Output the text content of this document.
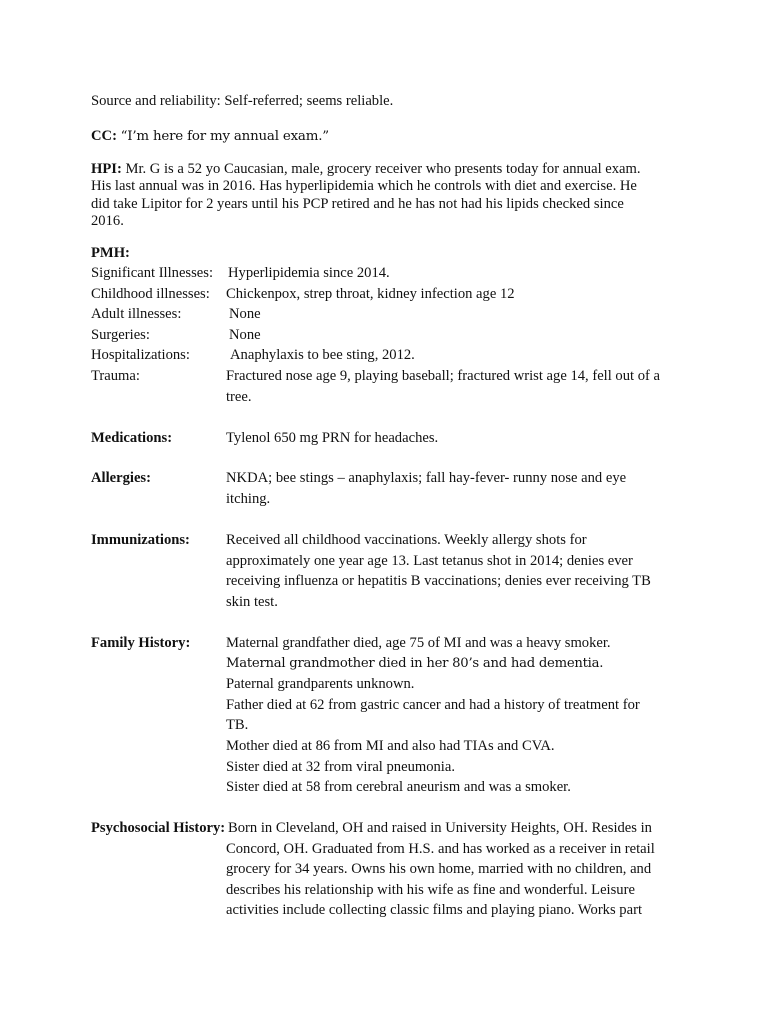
Source and reliability: Self-referred; seems reliable.
CC: “I’m here for my annual exam.”
HPI: Mr. G is a 52 yo Caucasian, male, grocery receiver who presents today for annual exam.
His last annual was in 2016. Has hyperlipidemia which he controls with diet and exercise. He
did take Lipitor for 2 years until his PCP retired and he has not had his lipids checked since
2016.
PMH:
Significant Illnesses: Hyperlipidemia since 2014.
Childhood illnesses: Chickenpox, strep throat, kidney infection age 12
Adult illnesses:	None
Surgeries:	None
Hospitalizations:	Anaphylaxis to bee sting, 2012.
Trauma:	Fractured nose age 9, playing baseball; fractured wrist age 14, fell out of a
tree.
Medications:	Tylenol 650 mg PRN for headaches.
Allergies:	NKDA; bee stings – anaphylaxis; fall hay-fever- runny nose and eye
itching.
Immunizations: Received all childhood vaccinations. Weekly allergy shots for
approximately one year age 13. Last tetanus shot in 2014; denies ever
receiving influenza or hepatitis B vaccinations; denies ever receiving TB
skin test.
Family History: Maternal grandfather died, age 75 of MI and was a heavy smoker.
Maternal grandmother died in her 80’s and had dementia.
Paternal grandparents unknown.
Father died at 62 from gastric cancer and had a history of treatment for
TB.
Mother died at 86 from MI and also had TIAs and CVA.
Sister died at 32 from viral pneumonia.
Sister died at 58 from cerebral aneurism and was a smoker.
Psychosocial History: Born in Cleveland, OH and raised in University Heights, OH. Resides in
Concord, OH. Graduated from H.S. and has worked as a receiver in retail
grocery for 34 years. Owns his own home, married with no children, and
describes his relationship with his wife as fine and wonderful. Leisure
activities include collecting classic films and playing piano. Works part
